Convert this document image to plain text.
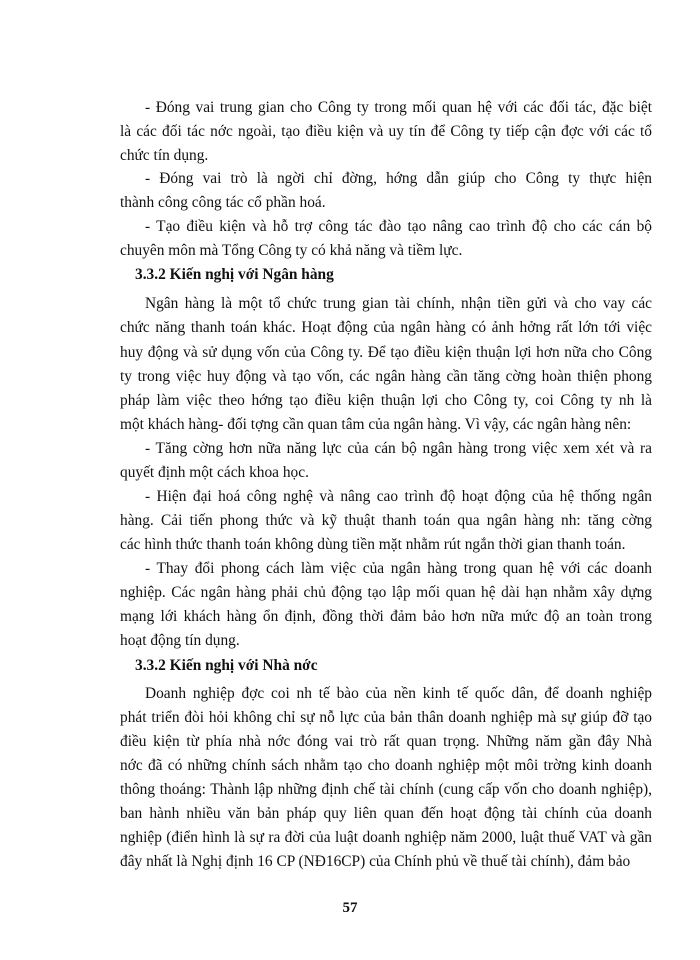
- Đóng vai trung gian cho Công ty trong mối quan hệ với các đối tác, đặc biệt
là các đối tác nớc ngoài, tạo điều kiện và uy tín để Công ty tiếp cận đợc với các tổ
chức tín dụng.
- Đóng vai trò là ngời chỉ đờng, hớng dẫn giúp cho Công ty thực hiện
thành công công tác cổ phần hoá.
- Tạo điều kiện và hỗ trợ công tác đào tạo nâng cao trình độ cho các cán bộ
chuyên môn mà Tổng Công ty có khả năng và tiềm lực.
3.3.2 Kiến nghị với Ngân hàng
Ngân hàng là một tổ chức trung gian tài chính, nhận tiền gửi và cho vay các
chức năng thanh toán khác. Hoạt động của ngân hàng có ảnh hởng rất lớn tới việc
huy động và sử dụng vốn của Công ty. Để tạo điều kiện thuận lợi hơn nữa cho Công
ty trong việc huy động và tạo vốn, các ngân hàng cần tăng cờng hoàn thiện phong
pháp làm việc theo hớng tạo điều kiện thuận lợi cho Công ty, coi Công ty nh là
một khách hàng- đối tợng cần quan tâm của ngân hàng. Vì vậy, các ngân hàng nên:
- Tăng cờng hơn nữa năng lực của cán bộ ngân hàng trong việc xem xét và ra
quyết định một cách khoa học.
- Hiện đại hoá công nghệ và nâng cao trình độ hoạt động của hệ thống ngân
hàng. Cải tiến phong thức và kỹ thuật thanh toán qua ngân hàng nh: tăng cờng
các hình thức thanh toán không dùng tiền mặt nhằm rút ngắn thời gian thanh toán.
- Thay đổi phong cách làm việc của ngân hàng trong quan hệ với các doanh
nghiệp. Các ngân hàng phải chủ động tạo lập mối quan hệ dài hạn nhằm xây dựng
mạng lới khách hàng ổn định, đồng thời đảm bảo hơn nữa mức độ an toàn trong
hoạt động tín dụng.
3.3.2 Kiến nghị với Nhà nớc
Doanh nghiệp đợc coi nh tế bào của nền kinh tế quốc dân, để doanh nghiệp
phát triển đòi hỏi không chỉ sự nỗ lực của bản thân doanh nghiệp mà sự giúp đỡ tạo
điều kiện từ phía nhà nớc đóng vai trò rất quan trọng. Những năm gần đây Nhà
nớc đã có những chính sách nhằm tạo cho doanh nghiệp một môi trờng kinh doanh
thông thoáng: Thành lập những định chế tài chính (cung cấp vốn cho doanh nghiệp),
ban hành nhiều văn bản pháp quy liên quan đến hoạt động tài chính của doanh
nghiệp (điển hình là sự ra đời của luật doanh nghiệp năm 2000, luật thuế VAT và gần
đây nhất là Nghị định 16 CP (NĐ16CP) của Chính phủ về thuế tài chính), đảm bảo
57
